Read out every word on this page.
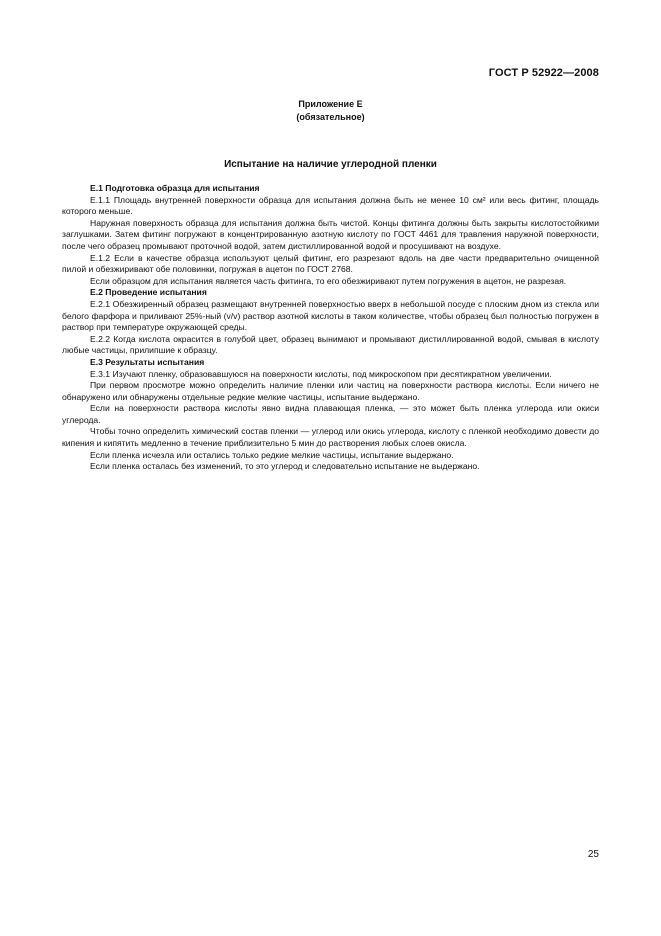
ГОСТ Р 52922—2008
Приложение Е
(обязательное)
Испытание на наличие углеродной пленки

Е.1 Подготовка образца для испытания

Е.1.1 Площадь внутренней поверхности образца для испытания должна быть не менее 10 см² или весь фитинг, площадь которого меньше.

Наружная поверхность образца для испытания должна быть чистой. Концы фитинга должны быть закрыты кислотостойкими заглушками. Затем фитинг погружают в концентрированную азотную кислоту по ГОСТ 4461 для травления наружной поверхности, после чего образец промывают проточной водой, затем дистиллированной водой и просушивают на воздухе.

Е.1.2 Если в качестве образца используют целый фитинг, его разрезают вдоль на две части предварительно очищенной пилой и обезжиривают обе половинки, погружая в ацетон по ГОСТ 2768.

Если образцом для испытания является часть фитинга, то его обезжиривают путем погружения в ацетон, не разрезая.

Е.2 Проведение испытания

Е.2.1 Обезжиренный образец размещают внутренней поверхностью вверх в небольшой посуде с плоским дном из стекла или белого фарфора и приливают 25%-ный (v/v) раствор азотной кислоты в таком количестве, чтобы образец был полностью погружен в раствор при температуре окружающей среды.

Е.2.2 Когда кислота окрасится в голубой цвет, образец вынимают и промывают дистиллированной водой, смывая в кислоту любые частицы, прилипшие к образцу.

Е.3 Результаты испытания

Е.3.1 Изучают пленку, образовавшуюся на поверхности кислоты, под микроскопом при десятикратном увеличении.

При первом просмотре можно определить наличие пленки или частиц на поверхности раствора кислоты. Если ничего не обнаружено или обнаружены отдельные редкие мелкие частицы, испытание выдержано.

Если на поверхности раствора кислоты явно видна плавающая пленка, — это может быть пленка углерода или окиси углерода.

Чтобы точно определить химический состав пленки — углерод или окись углерода, кислоту с пленкой необходимо довести до кипения и кипятить медленно в течение приблизительно 5 мин до растворения любых слоев окисла.

Если пленка исчезла или остались только редкие мелкие частицы, испытание выдержано.

Если пленка осталась без изменений, то это углерод и следовательно испытание не выдержано.

25
